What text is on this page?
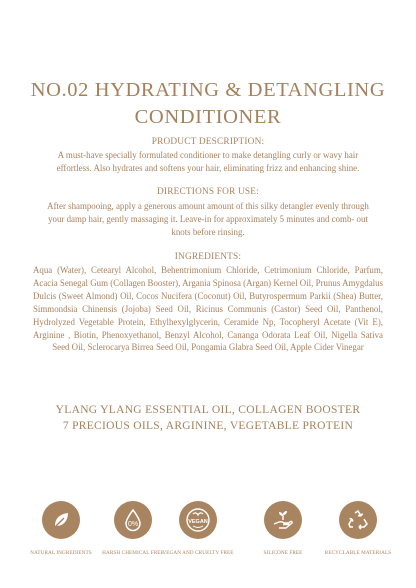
NO.02 HYDRATING & DETANGLING
CONDITIONER

PRODUCT DESCRIPTION:

A must-have specially formulated conditioner to make detangling curly or wavy hair effortless. Also hydrates and softens your hair, eliminating frizz and enhancing shine.

DIRECTIONS FOR USE:

After shampooing, apply a generous amount amount of this silky detangler evenly through your damp hair, gently massaging it. Leave-in for approximately 5 minutes and comb- out knots before rinsing.

INGREDIENTS:

Aqua (Water), Cetearyl Alcohol, Behentrimonium Chloride, Cetrimonium Chloride, Parfum, Acacia Senegal Gum (Collagen Booster), Argania Spinosa (Argan) Kernel Oil, Prunus Amygdalus Dulcis (Sweet Almond) Oil, Cocos Nucifera (Coconut) Oil, Butyrospermum Parkii (Shea) Butter, Simmondsia Chinensis (Jojoba) Seed Oil, Ricinus Communis (Castor) Seed Oil, Panthenol, Hydrolyzed Vegetable Protein, Ethylhexylglycerin, Ceramide Np, Tocopheryl Acetate (Vit E), Arginine , Biotin, Phenoxyethanol, Benzyl Alcohol, Cananga Odorata Leaf Oil, Nigella Sativa Seed Oil, Sclerocarya Birrea Seed Oil, Pongamia Glabra Seed Oil, Apple Cider Vinegar

YLANG YLANG ESSENTIAL OIL, COLLAGEN BOOSTER

7 PRECIOUS OILS, ARGININE, VEGETABLE PROTEIN

NATURAL INGREDIENTS
0%
HARSH CHEMICAL FREE
VEGAN
VEGAN AND CRUELTY FREE	SILICONE FREE	RECYCLABLE MATERIALS
